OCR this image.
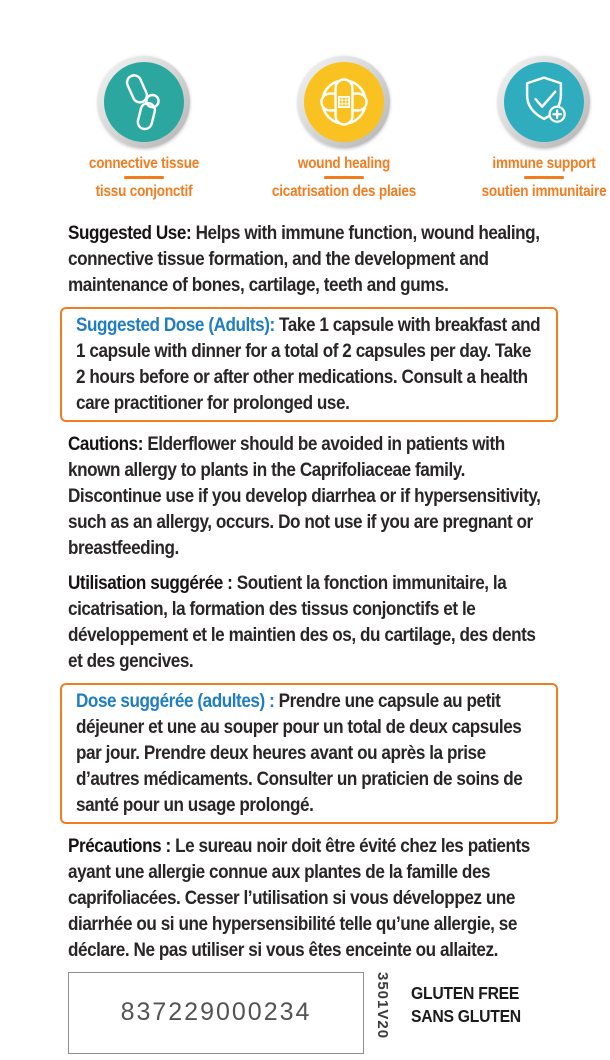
connective tissue
tissu conjonctif
wound healing
cicatrisation des plaies
immune support
soutien immunitaire

Suggested Use: Helps with immune function, wound healing, connective tissue formation, and the development and maintenance of bones, cartilage, teeth and gums.

Suggested Dose (Adults): Take 1 capsule with breakfast and 1 capsule with dinner for a total of 2 capsules per day. Take 2 hours before or after other medications. Consult a health care practitioner for prolonged use.

Cautions: Elderflower should be avoided in patients with known allergy to plants in the Caprifoliaceae family. Discontinue use if you develop diarrhea or if hypersensitivity, such as an allergy, occurs. Do not use if you are pregnant or breastfeeding.

Utilisation suggérée : Soutient la fonction immunitaire, la cicatrisation, la formation des tissus conjonctifs et le développement et le maintien des os, du cartilage, des dents et des gencives.

Dose suggérée (adultes) : Prendre une capsule au petit déjeuner et une au souper pour un total de deux capsules par jour. Prendre deux heures avant ou après la prise d’autres médicaments. Consulter un praticien de soins de santé pour un usage prolongé.

Précautions : Le sureau noir doit être évité chez les patients ayant une allergie connue aux plantes de la famille des caprifoliacées. Cesser l’utilisation si vous développez une diarrhée ou si une hypersensibilité telle qu’une allergie, se déclare. Ne pas utiliser si vous êtes enceinte ou allaitez.

837229000234	3501V20 GLUTEN FREE
SANS GLUTEN
